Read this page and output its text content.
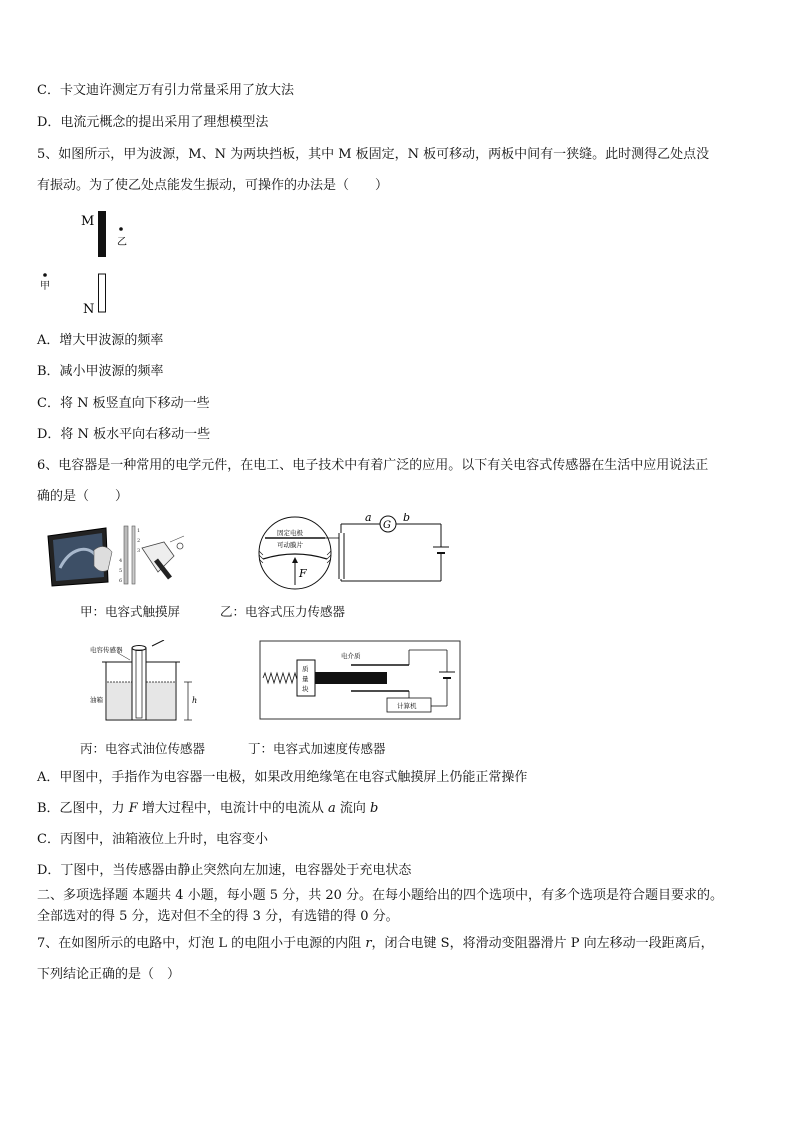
C．卡文迪许测定万有引力常量采用了放大法
D．电流元概念的提出采用了理想模型法
5、如图所示，甲为波源，M、N 为两块挡板，其中 M 板固定，N 板可移动，两板中间有一狭缝。此时测得乙处点没
有振动。为了使乙处点能发生振动，可操作的办法是（　　）
M
乙
甲
N
A．增大甲波源的频率
B．减小甲波源的频率
C．将 N 板竖直向下移动一些
D．将 N 板水平向右移动一些
6、电容器是一种常用的电学元件，在电工、电子技术中有着广泛的应用。以下有关电容式传感器在生活中应用说法正
确的是（　　）
1
2
3
4
5
6
固定电极
可动膜片
F
G
a	b
甲：电容式触摸屏	乙：电容式压力传感器
电容传感器
油箱	h
质
量
块
电介质
计算机
丙：电容式油位传感器	丁：电容式加速度传感器
A．甲图中，手指作为电容器一电极，如果改用绝缘笔在电容式触摸屏上仍能正常操作
B．乙图中，力 F 增大过程中，电流计中的电流从 a 流向 b
C．丙图中，油箱液位上升时，电容变小
D．丁图中，当传感器由静止突然向左加速，电容器处于充电状态
二、多项选择题 本题共 4 小题，每小题 5 分，共 20 分。在每小题给出的四个选项中，有多个选项是符合题目要求的。
全部选对的得 5 分，选对但不全的得 3 分，有选错的得 0 分。
7、在如图所示的电路中，灯泡 L 的电阻小于电源的内阻 r，闭合电键 S，将滑动变阻器滑片 P 向左移动一段距离后，
下列结论正确的是（　）
